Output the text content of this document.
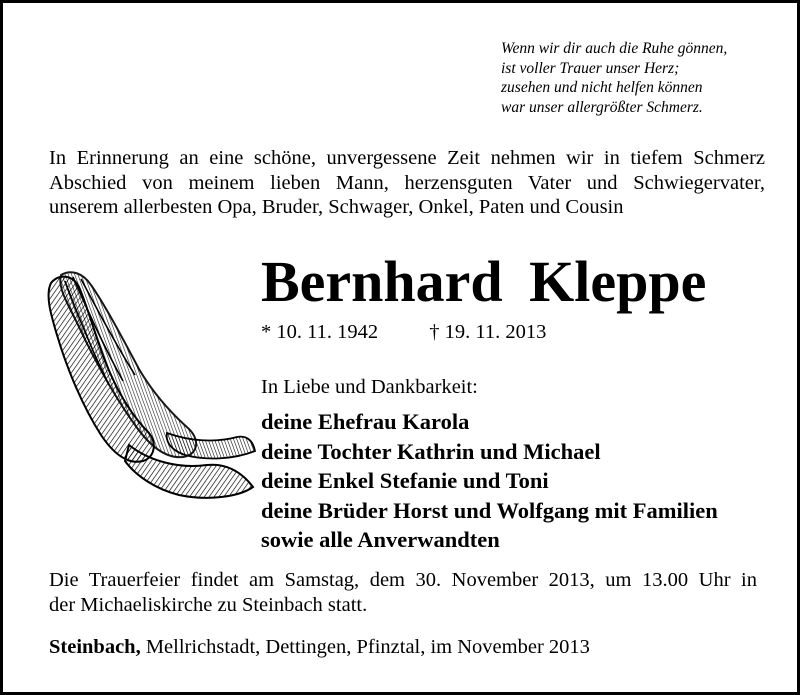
Wenn wir dir auch die Ruhe gönnen,
ist voller Trauer unser Herz;
zusehen und nicht helfen können
war unser allergrößter Schmerz.
In Erinnerung an eine schöne, unvergessene Zeit nehmen wir in tiefem Schmerz
Abschied von meinem lieben Mann, herzensguten Vater und Schwiegervater,
unserem allerbesten Opa, Bruder, Schwager, Onkel, Paten und Cousin
Bernhard Kleppe
* 10. 11. 1942 † 19. 11. 2013
In Liebe und Dankbarkeit:
deine Ehefrau Karola
deine Tochter Kathrin und Michael
deine Enkel Stefanie und Toni
deine Brüder Horst und Wolfgang mit Familien
sowie alle Anverwandten
Die Trauerfeier findet am Samstag, dem 30. November 2013, um 13.00 Uhr in
der Michaeliskirche zu Steinbach statt.
Steinbach, Mellrichstadt, Dettingen, Pfinztal, im November 2013
